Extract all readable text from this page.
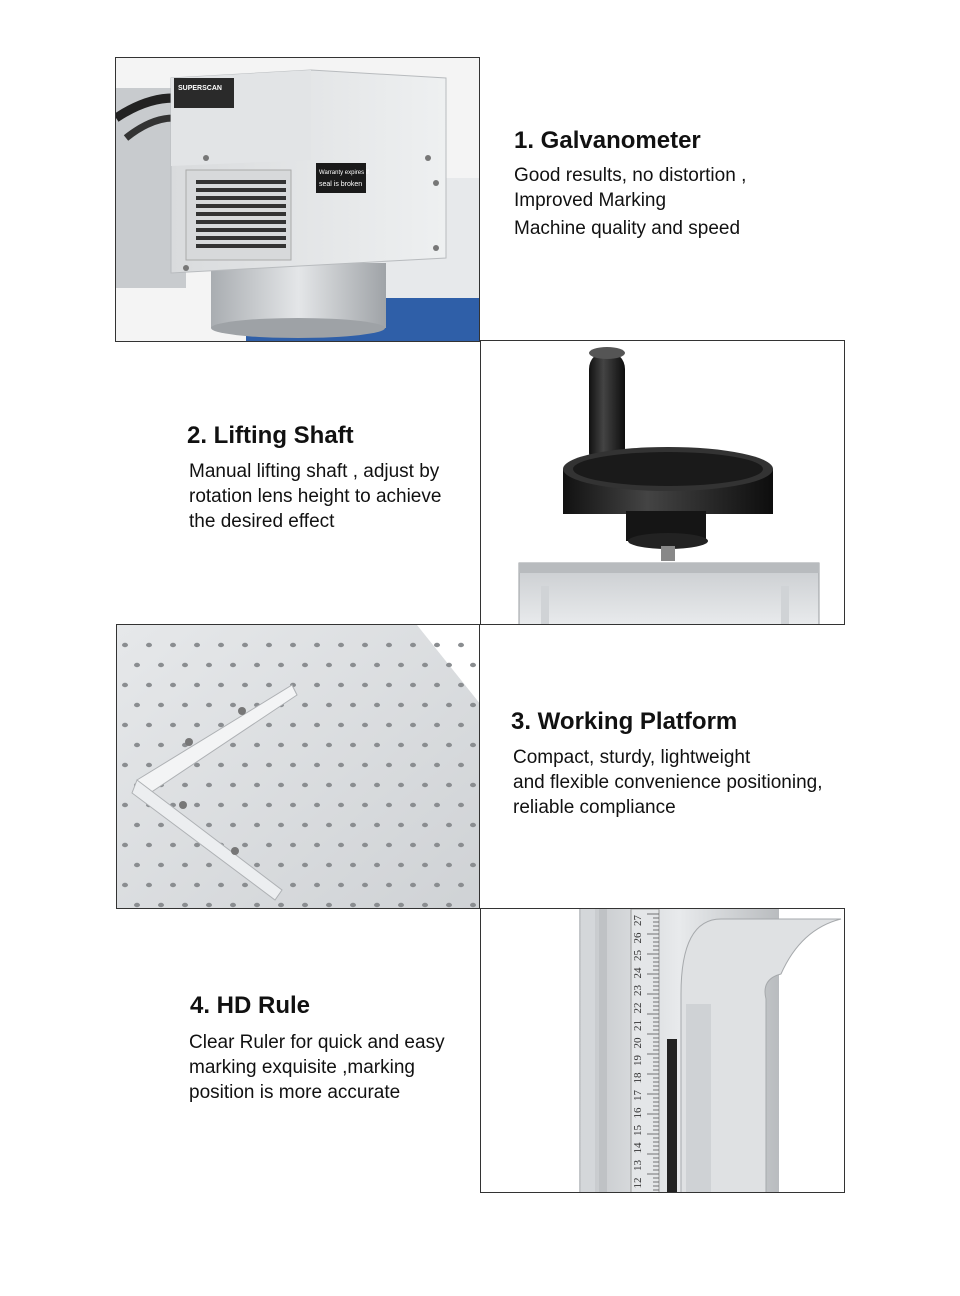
SUPERSCAN
Warranty expires if
seal is broken
1. Galvanometer
Good results, no distortion ,
Improved Marking
Machine quality and speed
2. Lifting Shaft
Manual lifting shaft , adjust by
rotation lens height to achieve
the desired effect
3. Working Platform
Compact, sturdy, lightweight
and flexible convenience positioning,
reliable compliance
4. HD Rule
Clear Ruler for quick and easy
marking exquisite ,marking
position is more accurate
27
26
25
24
23
22
21
20
19
18
17
16
15
14
13
12
